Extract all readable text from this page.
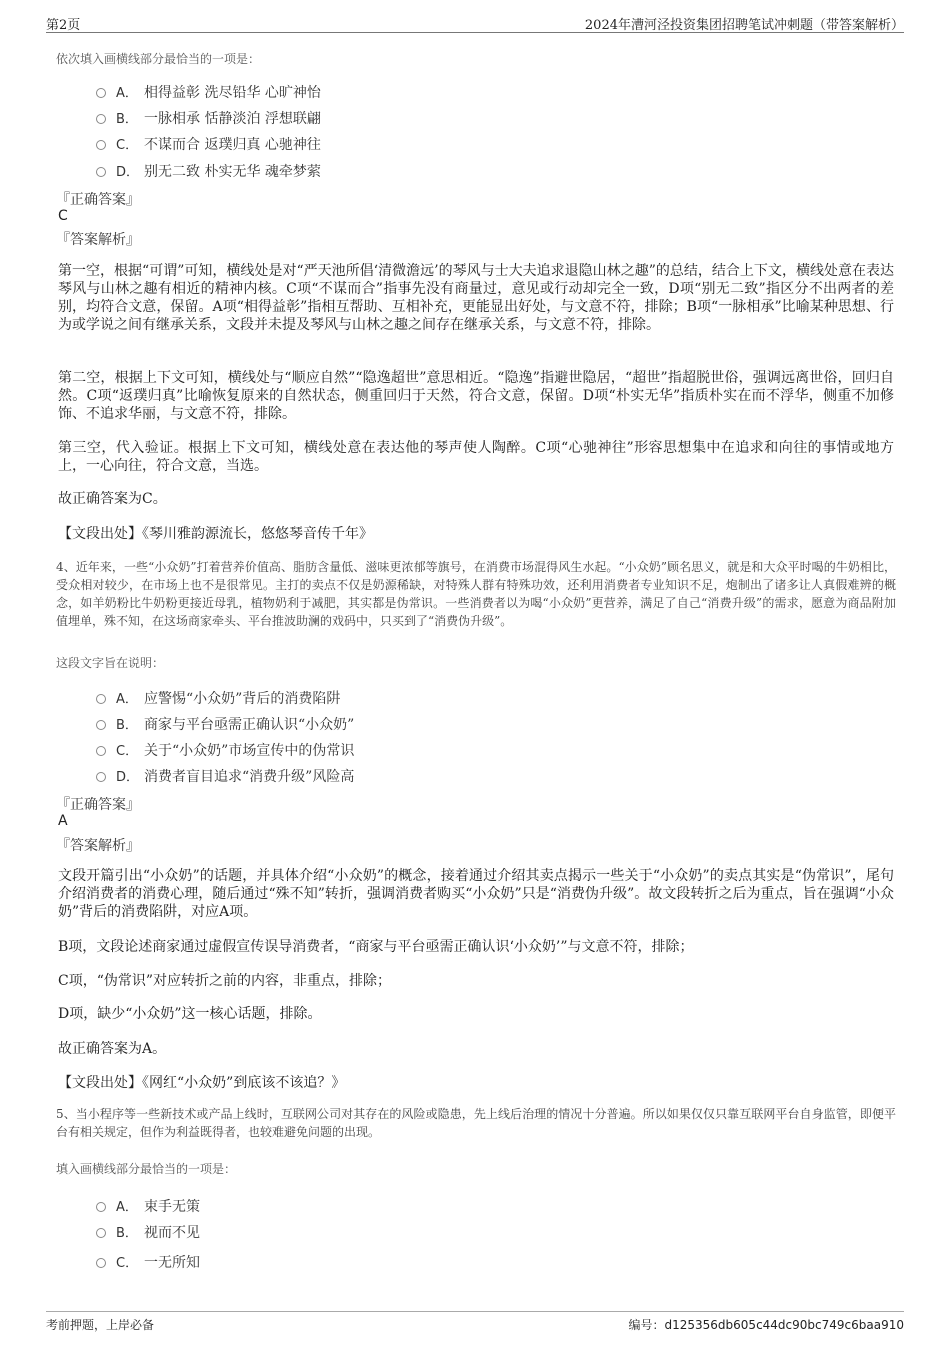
第2页	2024年漕河泾投资集团招聘笔试冲刺题（带答案解析）
依次填入画横线部分最恰当的一项是：
A． 相得益彰 洗尽铅华 心旷神怡
B． 一脉相承 恬静淡泊 浮想联翩
C． 不谋而合 返璞归真 心驰神往
D． 别无二致 朴实无华 魂牵梦萦
『正确答案』
C
『答案解析』
第一空，根据“可谓”可知，横线处是对“严天池所倡‘清微澹远’的琴风与士大夫追求退隐山林之趣”的总结，结合上下文，横线处意在表达琴风与山林之趣有相近的精神内核。C项“不谋而合”指事先没有商量过，意见或行动却完全一致，D项“别无二致”指区分不出两者的差别，均符合文意，保留。A项“相得益彰”指相互帮助、互相补充，更能显出好处，与文意不符，排除；B项“一脉相承”比喻某种思想、行为或学说之间有继承关系，文段并未提及琴风与山林之趣之间存在继承关系，与文意不符，排除。
第二空，根据上下文可知，横线处与“顺应自然”“隐逸超世”意思相近。“隐逸”指避世隐居，“超世”指超脱世俗，强调远离世俗，回归自然。C项“返璞归真”比喻恢复原来的自然状态，侧重回归于天然，符合文意，保留。D项“朴实无华”指质朴实在而不浮华，侧重不加修饰、不追求华丽，与文意不符，排除。
第三空，代入验证。根据上下文可知，横线处意在表达他的琴声使人陶醉。C项“心驰神往”形容思想集中在追求和向往的事情或地方上，一心向往，符合文意，当选。
故正确答案为C。
【文段出处】《琴川雅韵源流长，悠悠琴音传千年》
4、近年来，一些“小众奶”打着营养价值高、脂肪含量低、滋味更浓郁等旗号，在消费市场混得风生水起。“小众奶”顾名思义，就是和大众平时喝的牛奶相比，受众相对较少，在市场上也不是很常见。主打的卖点不仅是奶源稀缺，对特殊人群有特殊功效，还利用消费者专业知识不足，炮制出了诸多让人真假难辨的概念，如羊奶粉比牛奶粉更接近母乳，植物奶利于减肥，其实都是伪常识。一些消费者以为喝“小众奶”更营养，满足了自己“消费升级”的需求，愿意为商品附加值埋单，殊不知，在这场商家牵头、平台推波助澜的戏码中，只买到了“消费伪升级”。
这段文字旨在说明：
A． 应警惕“小众奶”背后的消费陷阱
B． 商家与平台亟需正确认识“小众奶”
C． 关于“小众奶”市场宣传中的伪常识
D． 消费者盲目追求“消费升级”风险高
『正确答案』
A
『答案解析』
文段开篇引出“小众奶”的话题，并具体介绍“小众奶”的概念，接着通过介绍其卖点揭示一些关于“小众奶”的卖点其实是“伪常识”，尾句介绍消费者的消费心理，随后通过“殊不知”转折，强调消费者购买“小众奶”只是“消费伪升级”。故文段转折之后为重点，旨在强调“小众奶”背后的消费陷阱，对应A项。
B项，文段论述商家通过虚假宣传误导消费者，“商家与平台亟需正确认识‘小众奶’”与文意不符，排除；
C项，“伪常识”对应转折之前的内容，非重点，排除；
D项，缺少“小众奶”这一核心话题，排除。
故正确答案为A。
【文段出处】《网红“小众奶”到底该不该追？》
5、当小程序等一些新技术或产品上线时，互联网公司对其存在的风险或隐患，先上线后治理的情况十分普遍。所以如果仅仅只靠互联网平台自身监管，即便平台有相关规定，但作为利益既得者，也较难避免问题的出现。
填入画横线部分最恰当的一项是：
A． 束手无策
B． 视而不见
C． 一无所知
考前押题，上岸必备	编号：d125356db605c44dc90bc749c6baa910
